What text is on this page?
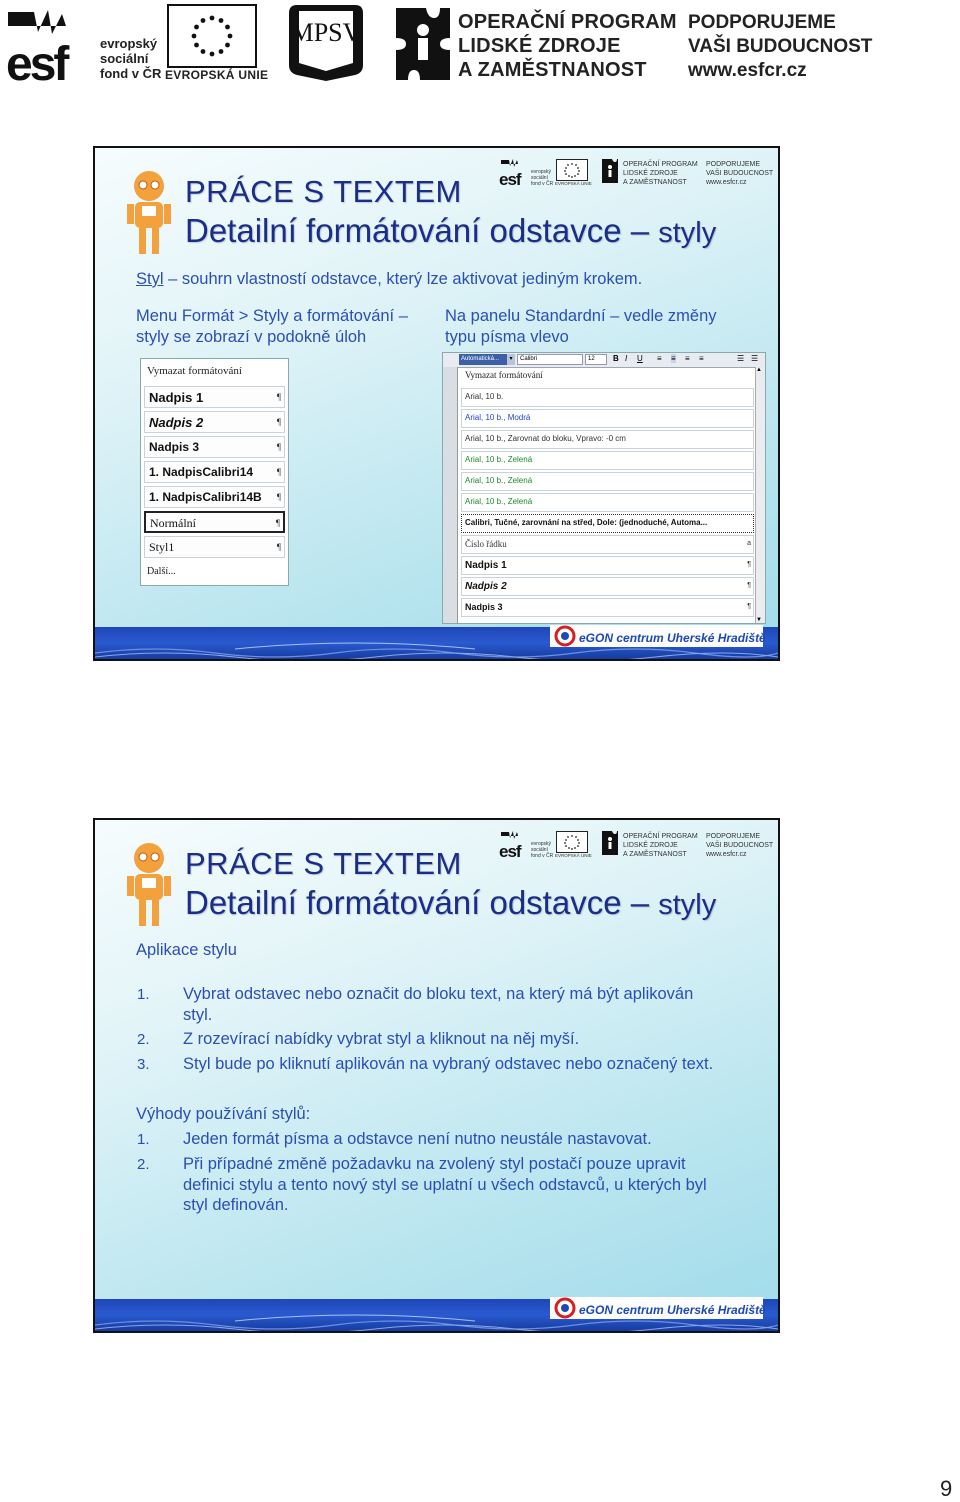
esf	evropský
sociální
fond v ČR EVROPSKÁ UNIE
MPSV	OPERAČNÍ PROGRAM
LIDSKÉ ZDROJE
A ZAMĚSTNANOST
PODPORUJEME
VAŠI BUDOUCNOST
www.esfcr.cz
PRÁCE S TEXTEM
Detailní formátování odstavce – styly
esf evropský
sociální
fond v ČR EVROPSKÁ UNIE
OPERAČNÍ PROGRAM
LIDSKÉ ZDROJE
A ZAMĚSTNANOST
PODPORUJEME
VAŠI BUDOUCNOST
www.esfcr.cz
Styl – souhrn vlastností odstavce, který lze aktivovat jediným krokem.
Menu Formát > Styly a formátování –
styly se zobrazí v podokně úloh
Na panelu Standardní – vedle změny
typu písma vlevo
Vymazat formátování
Nadpis 1	¶
Nadpis 2	¶
Nadpis 3	¶
1. NadpisCalibri14	¶
1. NadpisCalibri14B ¶
Normální	¶
Styl1	¶
Další...
Automatická...	▾	Calibri	12	B I U ≡ ≡ ≡ ≡	☰ ☰
▲
▼
Vymazat formátování
Arial, 10 b.
Arial, 10 b., Modrá
Arial, 10 b., Zarovnat do bloku, Vpravo: -0 cm
Arial, 10 b., Zelená
Arial, 10 b., Zelená
Arial, 10 b., Zelená
Calibri, Tučné, zarovnání na střed, Dole: (jednoduché, Automa...
Číslo řádku	a
Nadpis 1	¶
Nadpis 2	¶
Nadpis 3	¶
eGON centrum Uherské Hradiště
PRÁCE S TEXTEM
Detailní formátování odstavce – styly
esf evropský
sociální
fond v ČR EVROPSKÁ UNIE
OPERAČNÍ PROGRAM
LIDSKÉ ZDROJE
A ZAMĚSTNANOST
PODPORUJEME
VAŠI BUDOUCNOST
www.esfcr.cz
Aplikace stylu
1. Vybrat odstavec nebo označit do bloku text, na který má být aplikován
styl.
2. Z rozevírací nabídky vybrat styl a kliknout na něj myší.
3. Styl bude po kliknutí aplikován na vybraný odstavec nebo označený text.
Výhody používání stylů:
1. Jeden formát písma a odstavce není nutno neustále nastavovat.
2. Při případné změně požadavku na zvolený styl postačí pouze upravit
definici stylu a tento nový styl se uplatní u všech odstavců, u kterých byl
styl definován.
eGON centrum Uherské Hradiště
9
